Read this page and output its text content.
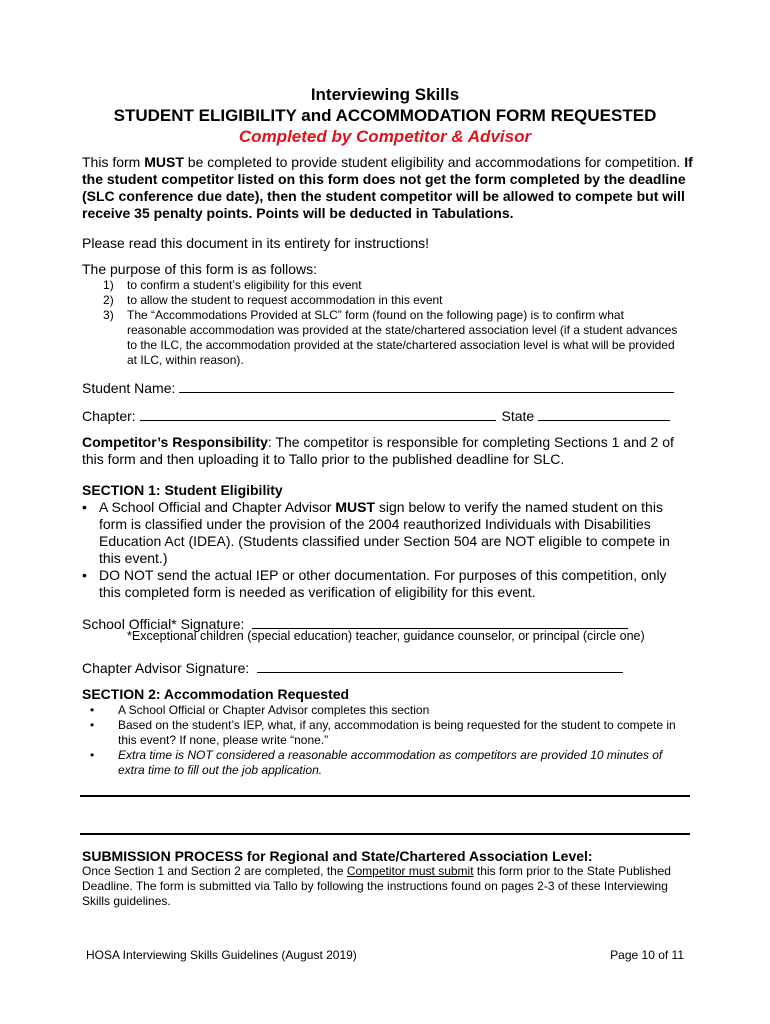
Interviewing Skills
STUDENT ELIGIBILITY and ACCOMMODATION FORM REQUESTED
Completed by Competitor & Advisor
This form MUST be completed to provide student eligibility and accommodations for competition. If the student competitor listed on this form does not get the form completed by the deadline (SLC conference due date), then the student competitor will be allowed to compete but will receive 35 penalty points. Points will be deducted in Tabulations.
Please read this document in its entirety for instructions!
The purpose of this form is as follows:
to confirm a student’s eligibility for this event
to allow the student to request accommodation in this event
The “Accommodations Provided at SLC” form (found on the following page) is to confirm what reasonable accommodation was provided at the state/chartered association level (if a student advances to the ILC, the accommodation provided at the state/chartered association level is what will be provided at ILC, within reason).
Student Name:
Chapter:	State
Competitor’s Responsibility: The competitor is responsible for completing Sections 1 and 2 of this form and then uploading it to Tallo prior to the published deadline for SLC.
SECTION 1: Student Eligibility
• A School Official and Chapter Advisor MUST sign below to verify the named student on this form is classified under the provision of the 2004 reauthorized Individuals with Disabilities Education Act (IDEA). (Students classified under Section 504 are NOT eligible to compete in this event.)
• DO NOT send the actual IEP or other documentation. For purposes of this competition, only this completed form is needed as verification of eligibility for this event.
School Official* Signature:
*Exceptional children (special education) teacher, guidance counselor, or principal (circle one)
Chapter Advisor Signature:
SECTION 2: Accommodation Requested
• A School Official or Chapter Advisor completes this section
• Based on the student’s IEP, what, if any, accommodation is being requested for the student to compete in this event? If none, please write “none.”
• Extra time is NOT considered a reasonable accommodation as competitors are provided 10 minutes of extra time to fill out the job application.
SUBMISSION PROCESS for Regional and State/Chartered Association Level:
Once Section 1 and Section 2 are completed, the Competitor must submit this form prior to the State Published Deadline. The form is submitted via Tallo by following the instructions found on pages 2-3 of these Interviewing Skills guidelines.
HOSA Interviewing Skills Guidelines (August 2019)	Page 10 of 11
